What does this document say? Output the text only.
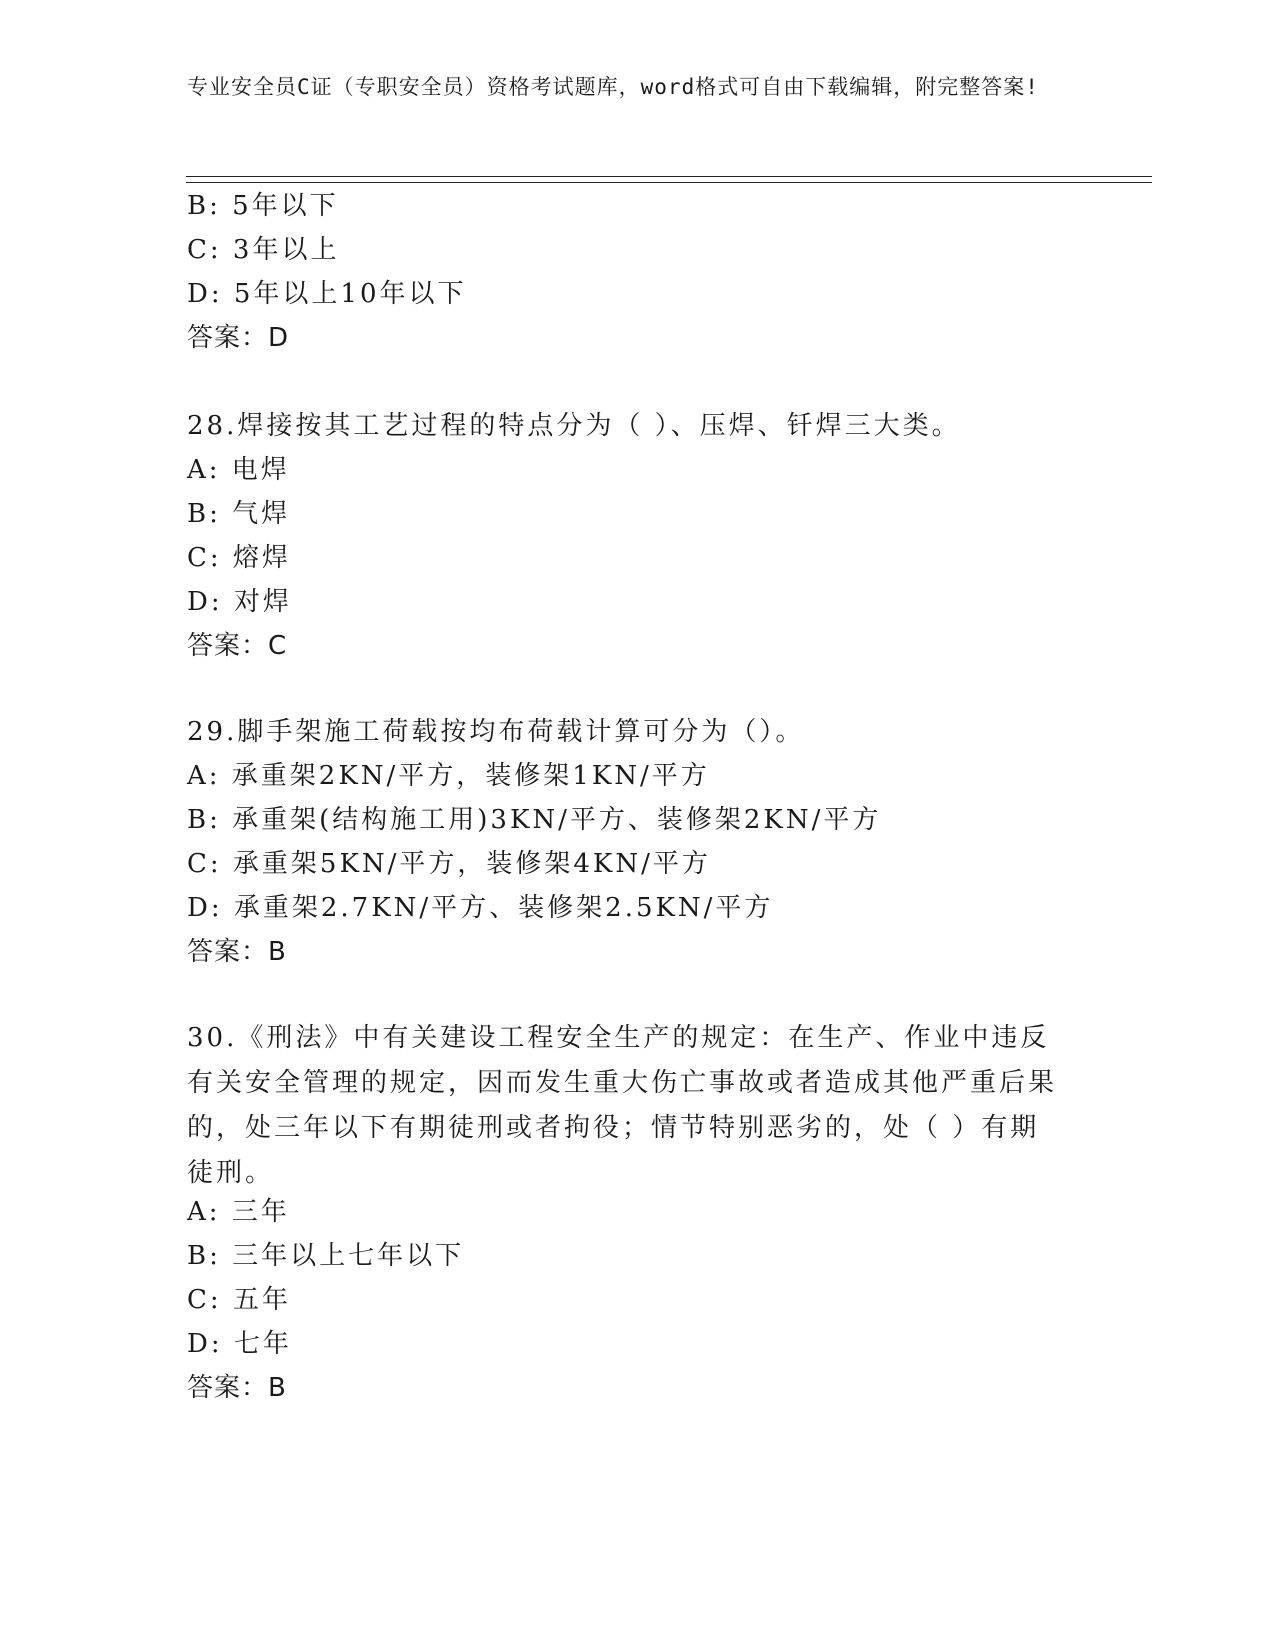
专业安全员C证（专职安全员）资格考试题库，word格式可自由下载编辑，附完整答案!
B: 5年以下
C: 3年以上
D: 5年以上10年以下
答案：D
28.焊接按其工艺过程的特点分为（ ）、压焊、钎焊三大类。
A: 电焊
B: 气焊
C: 熔焊
D: 对焊
答案：C
29.脚手架施工荷载按均布荷载计算可分为（）。
A: 承重架2KN/平方，装修架1KN/平方
B: 承重架(结构施工用)3KN/平方、装修架2KN/平方
C: 承重架5KN/平方，装修架4KN/平方
D: 承重架2.7KN/平方、装修架2.5KN/平方
答案：B
30.《刑法》中有关建设工程安全生产的规定：在生产、作业中违反有关安全管理的规定，因而发生重大伤亡事故或者造成其他严重后果的，处三年以下有期徒刑或者拘役；情节特别恶劣的，处（ ）有期徒刑。
A: 三年
B: 三年以上七年以下
C: 五年
D: 七年
答案：B
